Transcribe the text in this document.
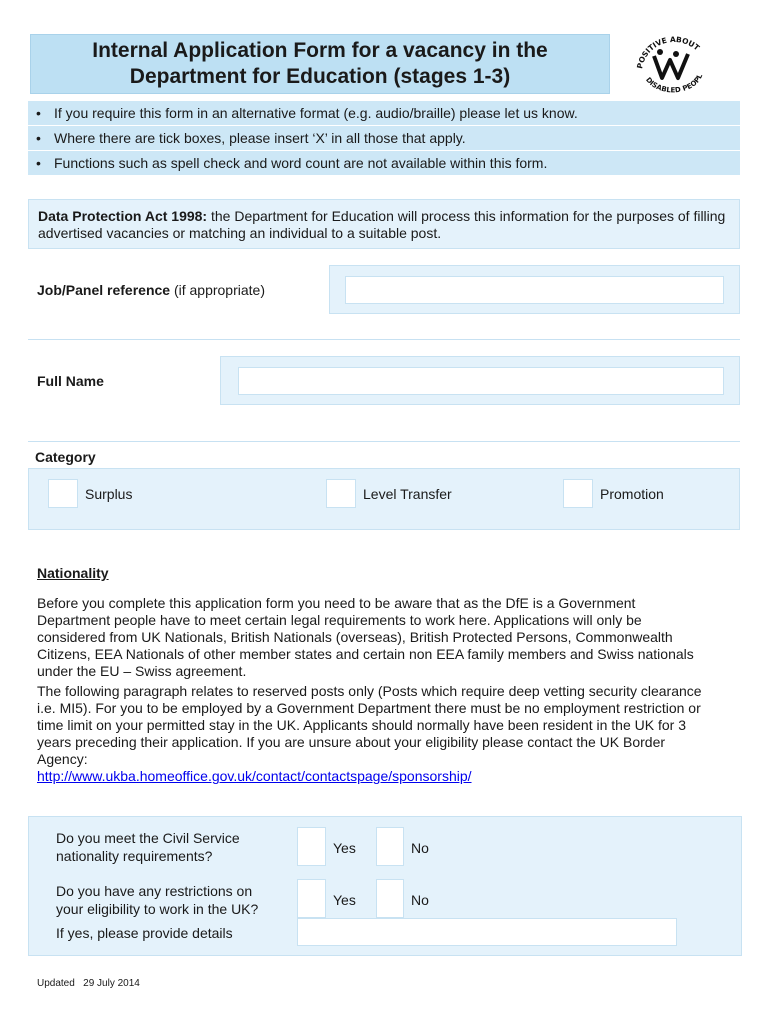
Internal Application Form for a vacancy in the
Department for Education (stages 1-3)	POSITIVE ABOUT
DISABLED PEOPL
• If you require this form in an alternative format (e.g. audio/braille) please let us know.
• Where there are tick boxes, please insert ‘X’ in all those that apply.
• Functions such as spell check and word count are not available within this form.
Data Protection Act 1998: the Department for Education will process this information for the purposes of filling advertised vacancies or matching an individual to a suitable post.
Job/Panel reference (if appropriate)
Full Name
Category
Surplus	Level Transfer	Promotion
Nationality

Before you complete this application form you need to be aware that as the DfE is a Government Department people have to meet certain legal requirements to work here. Applications will only be considered from UK Nationals, British Nationals (overseas), British Protected Persons, Commonwealth Citizens, EEA Nationals of other member states and certain non EEA family members and Swiss nationals under the EU – Swiss agreement.

The following paragraph relates to reserved posts only (Posts which require deep vetting security clearance i.e. MI5). For you to be employed by a Government Department there must be no employment restriction or time limit on your permitted stay in the UK. Applicants should normally have been resident in the UK for 3 years preceding their application. If you are unsure about your eligibility please contact the UK Border Agency:
http://www.ukba.homeoffice.gov.uk/contact/contactspage/sponsorship/

Do you meet the Civil Service
nationality requirements?	Yes	No
Do you have any restrictions on
your eligibility to work in the UK?
Yes	No
If yes, please provide details
Updated   29 July 2014
